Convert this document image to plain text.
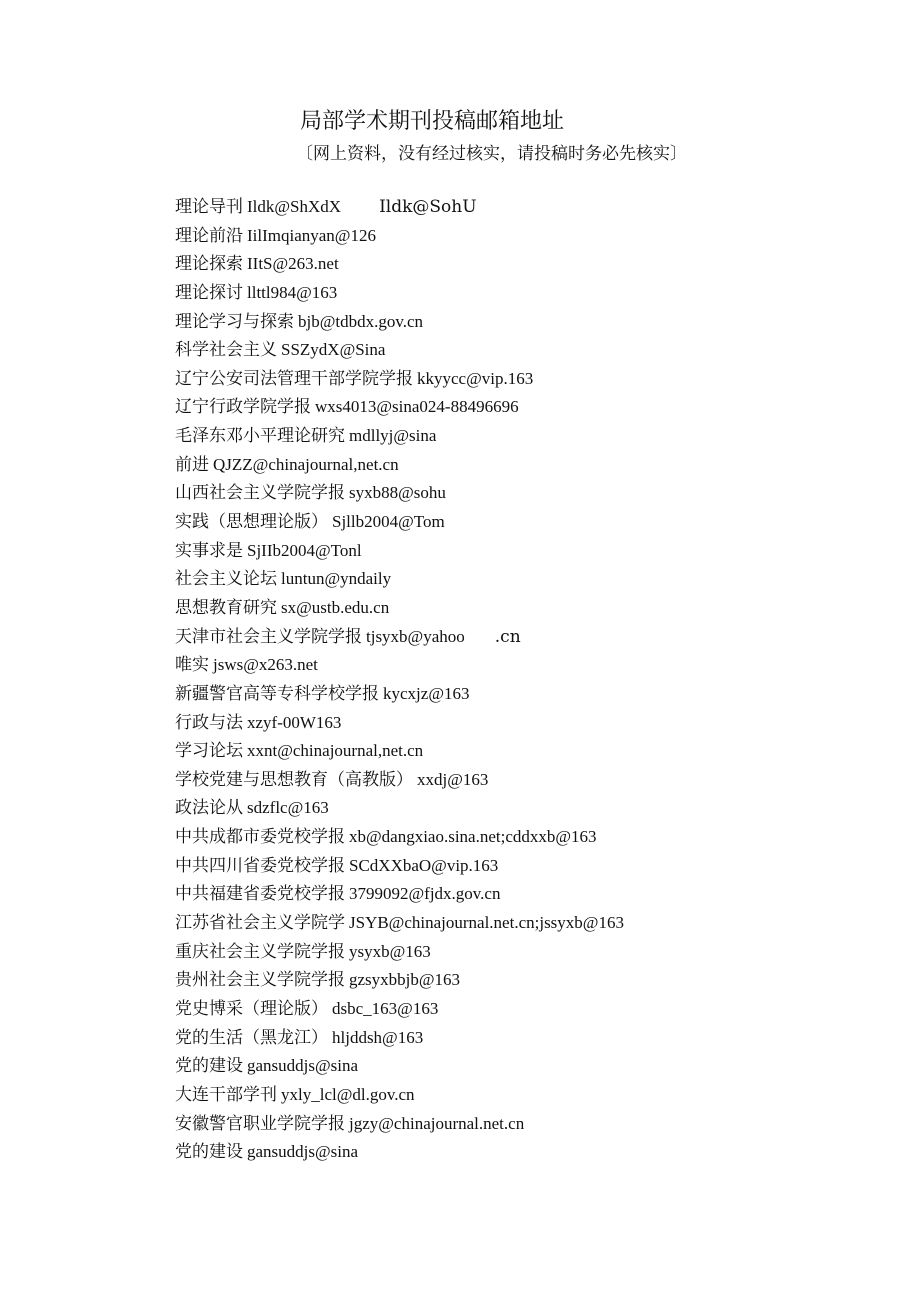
局部学术期刊投稿邮箱地址
〔网上资料，没有经过核实，请投稿时务必先核实〕
理论导刊 Ildk@ShXdX Ildk@SohU
理论前沿 IilImqianyan@126
理论探索 IItS@263.net
理论探讨 llttl984@163
理论学习与探索 bjb@tdbdx.gov.cn
科学社会主义 SSZydX@Sina
辽宁公安司法管理干部学院学报 kkyycc@vip.163
辽宁行政学院学报 wxs4013@sina024-88496696
毛泽东邓小平理论研究 mdllyj@sina
前进 QJZZ@chinajournal,net.cn
山西社会主义学院学报 syxb88@sohu
实践（思想理论版） Sjllb2004@Tom
实事求是 SjIIb2004@Tonl
社会主义论坛 luntun@yndaily
思想教育研究 sx@ustb.edu.cn
天津市社会主义学院学报 tjsyxb@yahoo .cn
唯实 jsws@x263.net
新疆警官高等专科学校学报 kycxjz@163
行政与法 xzyf-00W163
学习论坛 xxnt@chinajournal,net.cn
学校党建与思想教育（高教版） xxdj@163
政法论从 sdzflc@163
中共成都市委党校学报 xb@dangxiao.sina.net;cddxxb@163
中共四川省委党校学报 SCdXXbaO@vip.163
中共福建省委党校学报 3799092@fjdx.gov.cn
江苏省社会主义学院学 JSYB@chinajournal.net.cn;jssyxb@163
重庆社会主义学院学报 ysyxb@163
贵州社会主义学院学报 gzsyxbbjb@163
党史博采（理论版） dsbc_163@163
党的生活（黑龙江） hljddsh@163
党的建设 gansuddjs@sina
大连干部学刊 yxly_lcl@dl.gov.cn
安徽警官职业学院学报 jgzy@chinajournal.net.cn
党的建设 gansuddjs@sina
